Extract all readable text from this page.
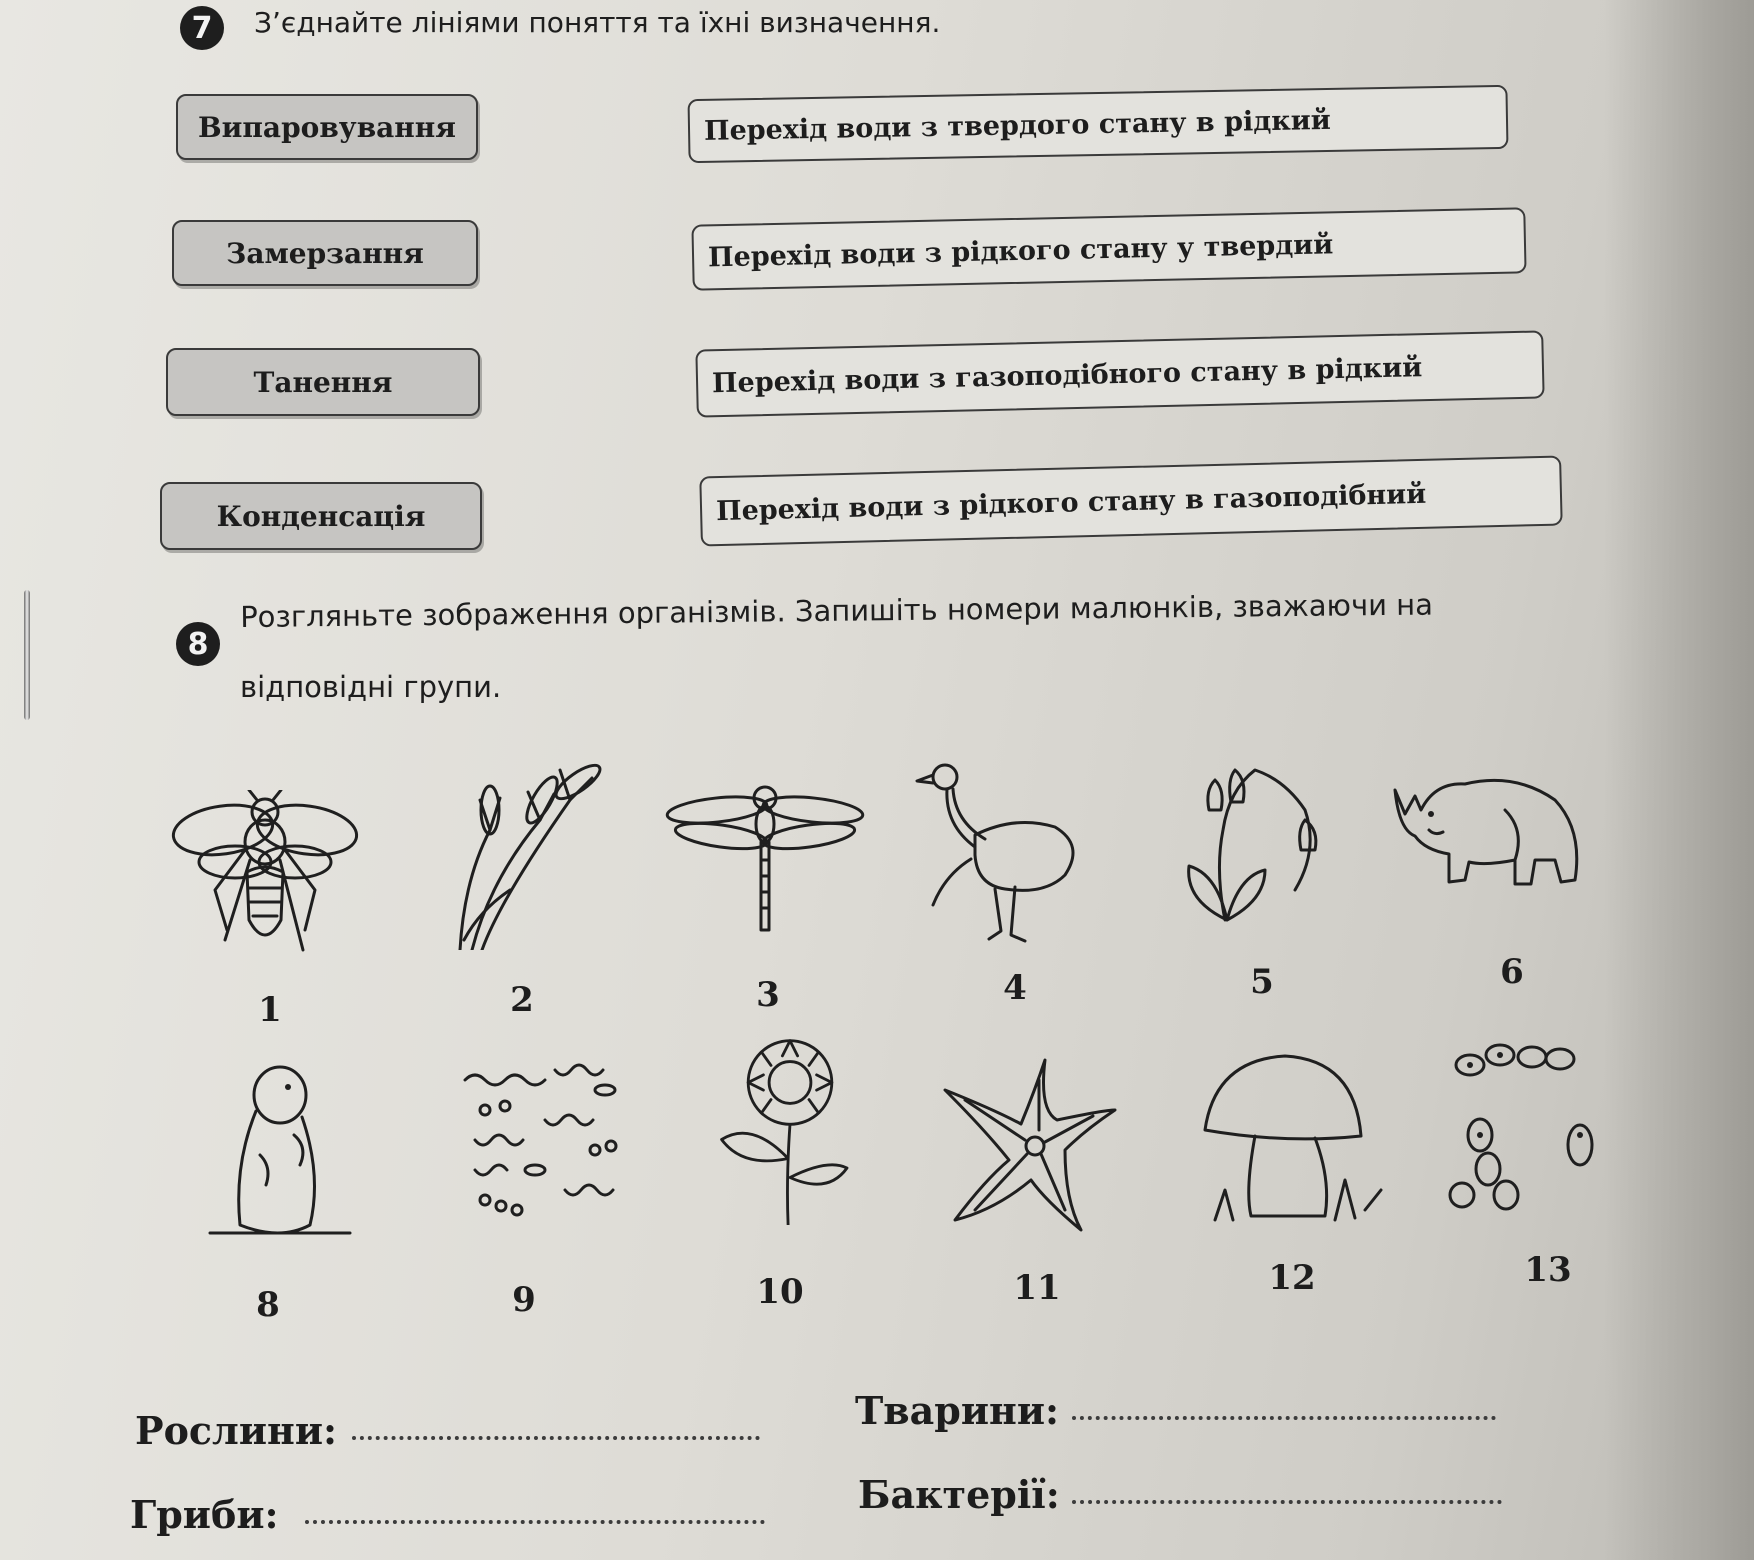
7	З’єднайте лініями поняття та їхні визначення.
Випаровування
Замерзання
Танення
Конденсація
Перехід води з твердого стану в рідкий
Перехід води з рідкого стану у твердий
Перехід води з газоподібного стану в рідкий
Перехід води з рідкого стану в газоподібний
8
Розгляньте зображення організмів. Запишіть номери малюнків, зважаючи на
відповідні групи.
1	2	3	4	5	6
8	9	10	11	12	13
Рослини:	Тварини:
Гриби:	Бактерії:
